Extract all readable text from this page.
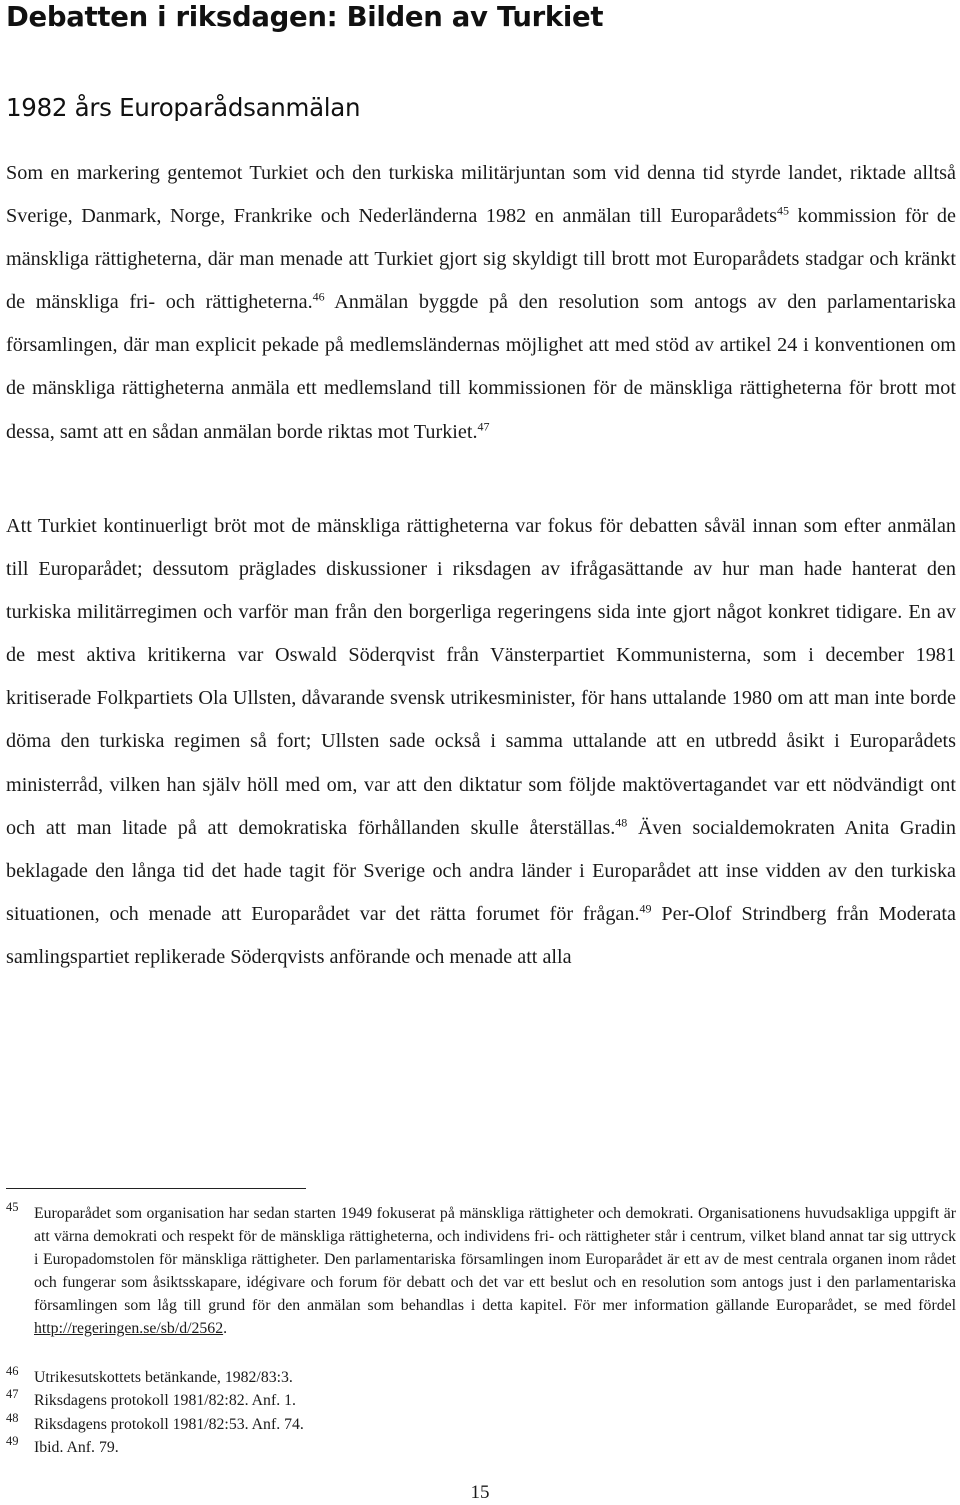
Debatten i riksdagen: Bilden av Turkiet
1982 års Europarådsanmälan

Som en markering gentemot Turkiet och den turkiska militärjuntan som vid denna tid styrde landet, riktade alltså Sverige, Danmark, Norge, Frankrike och Nederländerna 1982 en anmälan till Europarådets$^{45}$ kommission för de mänskliga rättigheterna, där man menade att Turkiet gjort sig skyldigt till brott mot Europarådets stadgar och kränkt de mänskliga fri- och rättigheterna.$^{46}$ Anmälan byggde på den resolution som antogs av den parlamentariska församlingen, där man explicit pekade på medlemsländernas möjlighet att med stöd av artikel 24 i konventionen om de mänskliga rättigheterna anmäla ett medlemsland till kommissionen för de mänskliga rättigheterna för brott mot dessa, samt att en sådan anmälan borde riktas mot Turkiet.$^{47}$

Att Turkiet kontinuerligt bröt mot de mänskliga rättigheterna var fokus för debatten såväl innan som efter anmälan till Europarådet; dessutom präglades diskussioner i riksdagen av ifrågasättande av hur man hade hanterat den turkiska militärregimen och varför man från den borgerliga regeringens sida inte gjort något konkret tidigare. En av de mest aktiva kritikerna var Oswald Söderqvist från Vänsterpartiet Kommunisterna, som i december 1981 kritiserade Folkpartiets Ola Ullsten, dåvarande svensk utrikesminister, för hans uttalande 1980 om att man inte borde döma den turkiska regimen så fort; Ullsten sade också i samma uttalande att en utbredd åsikt i Europarådets ministerråd, vilken han själv höll med om, var att den diktatur som följde maktövertagandet var ett nödvändigt ont och att man litade på att demokratiska förhållanden skulle återställas.$^{48}$ Även socialdemokraten Anita Gradin beklagade den långa tid det hade tagit för Sverige och andra länder i Europarådet att inse vidden av den turkiska situationen, och menade att Europarådet var det rätta forumet för frågan.$^{49}$ Per-Olof Strindberg från Moderata samlingspartiet replikerade Söderqvists anförande och menade att alla

45 Europarådet som organisation har sedan starten 1949 fokuserat på mänskliga rättigheter och demokrati. Organisationens huvudsakliga uppgift är att värna demokrati och respekt för de mänskliga rättigheterna, och individens fri- och rättigheter står i centrum, vilket bland annat tar sig uttryck i Europadomstolen för mänskliga rättigheter. Den parlamentariska församlingen inom Europarådet är ett av de mest centrala organen inom rådet och fungerar som åsiktsskapare, idégivare och forum för debatt och det var ett beslut och en resolution som antogs just i den parlamentariska församlingen som låg till grund för den anmälan som behandlas i detta kapitel. För mer information gällande Europarådet, se med fördel http://regeringen.se/sb/d/2562.
46 Utrikesutskottets betänkande, 1982/83:3.
47 Riksdagens protokoll 1981/82:82. Anf. 1.
48 Riksdagens protokoll 1981/82:53. Anf. 74.
49 Ibid. Anf. 79.
15
